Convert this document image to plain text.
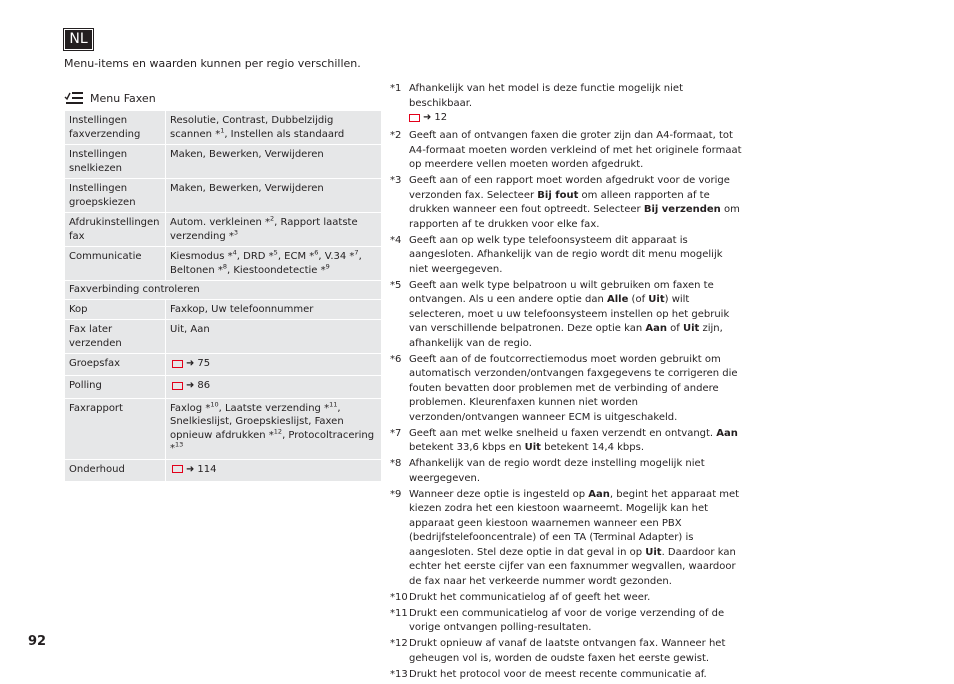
NL
Menu-items en waarden kunnen per regio verschillen.
Menu Faxen
Instellingen faxverzending	Resolutie, Contrast, Dubbelzijdig scannen *$^1$, Instellen als standaard
Instellingen snelkiezen	Maken, Bewerken, Verwijderen
Instellingen groepskiezen	Maken, Bewerken, Verwijderen
Afdrukinstellingen fax	Autom. verkleinen *$^2$, Rapport laatste verzending *$^3$
Communicatie	Kiesmodus *$^4$, DRD *$^5$, ECM *$^6$, V.34 *$^7$, Beltonen *$^8$, Kiestoondetectie *$^9$
Faxverbinding controleren	
Kop	Faxkop, Uw telefoonnummer
Fax later verzenden	Uit, Aan
Groepsfax	➜ 75

Polling	➜ 86

Faxrapport	Faxlog *$^{10}$, Laatste verzending *$^{11}$, Snelkieslijst, Groepskieslijst, Faxen opnieuw afdrukken *$^{12}$, Protocoltracering *$^{13}$
Onderhoud	➜ 114
*1 Afhankelijk van het model is deze functie mogelijk niet beschikbaar.

➜ 12
*2 Geeft aan of ontvangen faxen die groter zijn dan A4-formaat, tot A4-formaat moeten worden verkleind of met het originele formaat op meerdere vellen moeten worden afgedrukt.
*3 Geeft aan of een rapport moet worden afgedrukt voor de vorige verzonden fax. Selecteer Bij fout om alleen rapporten af te drukken wanneer een fout optreedt. Selecteer Bij verzenden om rapporten af te drukken voor elke fax.
*4 Geeft aan op welk type telefoonsysteem dit apparaat is aangesloten. Afhankelijk van de regio wordt dit menu mogelijk niet weergegeven.
*5 Geeft aan welk type belpatroon u wilt gebruiken om faxen te ontvangen. Als u een andere optie dan Alle (of Uit) wilt selecteren, moet u uw telefoonsysteem instellen op het gebruik van verschillende belpatronen. Deze optie kan Aan of Uit zijn, afhankelijk van de regio.
*6 Geeft aan of de foutcorrectiemodus moet worden gebruikt om automatisch verzonden/ontvangen faxgegevens te corrigeren die fouten bevatten door problemen met de verbinding of andere problemen. Kleurenfaxen kunnen niet worden verzonden/ontvangen wanneer ECM is uitgeschakeld.
*7 Geeft aan met welke snelheid u faxen verzendt en ontvangt. Aan betekent 33,6 kbps en Uit betekent 14,4 kbps.
*8 Afhankelijk van de regio wordt deze instelling mogelijk niet weergegeven.
*9 Wanneer deze optie is ingesteld op Aan, begint het apparaat met kiezen zodra het een kiestoon waarneemt. Mogelijk kan het apparaat geen kiestoon waarnemen wanneer een PBX (bedrijfstelefooncentrale) of een TA (Terminal Adapter) is aangesloten. Stel deze optie in dat geval in op Uit. Daardoor kan echter het eerste cijfer van een faxnummer wegvallen, waardoor de fax naar het verkeerde nummer wordt gezonden.
*10 Drukt het communicatielog af of geeft het weer.
*11 Drukt een communicatielog af voor de vorige verzending of de vorige ontvangen polling-resultaten.
*12 Drukt opnieuw af vanaf de laatste ontvangen fax. Wanneer het geheugen vol is, worden de oudste faxen het eerste gewist.
*13 Drukt het protocol voor de meest recente communicatie af.
92
